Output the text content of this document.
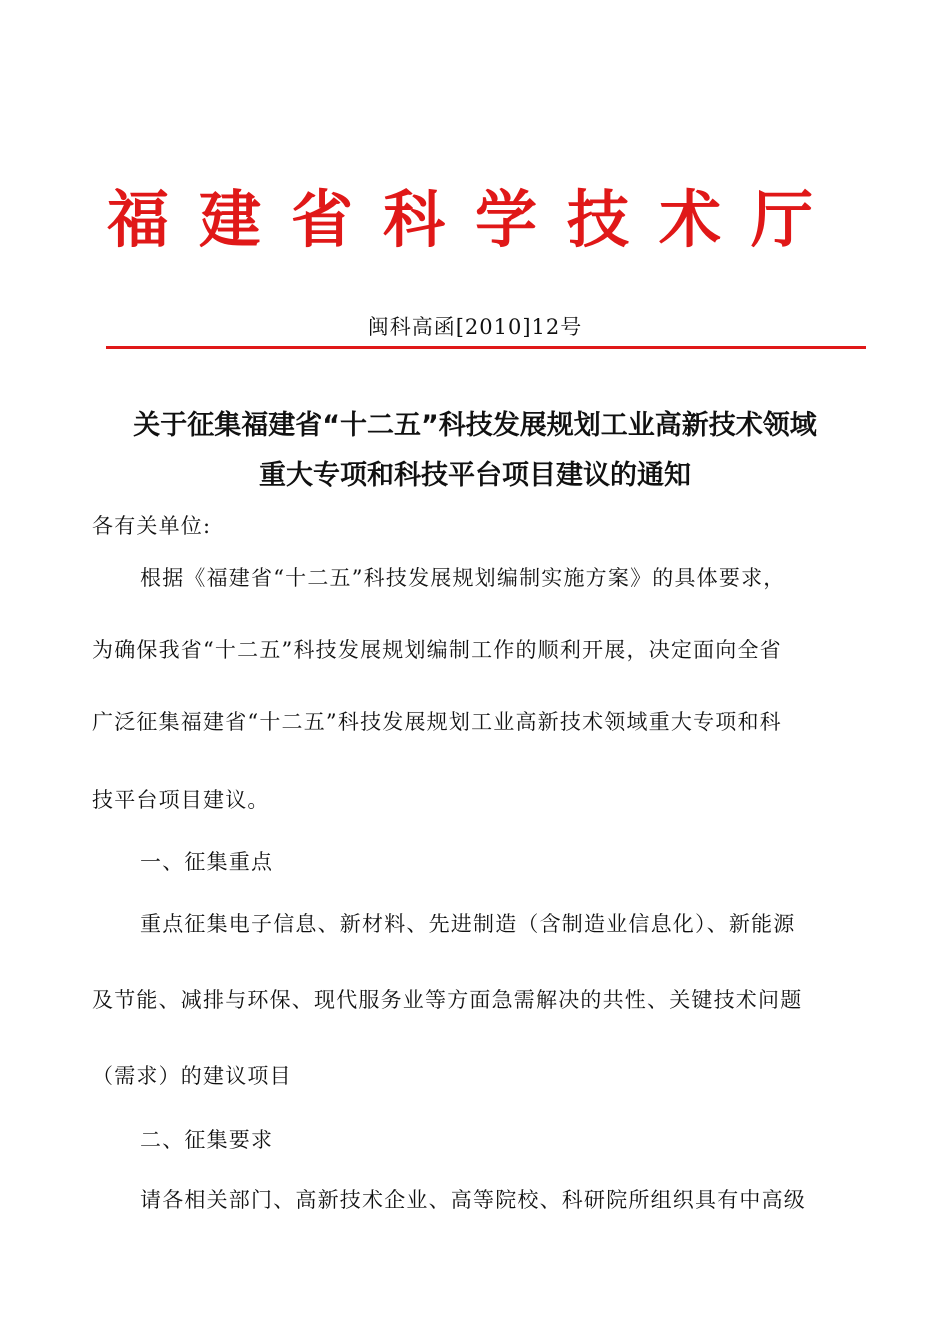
福建省科学技术厅
闽科高函[2010]12号
关于征集福建省“十二五”科技发展规划工业高新技术领域
重大专项和科技平台项目建议的通知
各有关单位:
根据《福建省“十二五”科技发展规划编制实施方案》的具体要求，
为确保我省“十二五”科技发展规划编制工作的顺利开展，决定面向全省
广泛征集福建省“十二五”科技发展规划工业高新技术领域重大专项和科
技平台项目建议。
一、征集重点
重点征集电子信息、新材料、先进制造（含制造业信息化）、新能源
及节能、减排与环保、现代服务业等方面急需解决的共性、关键技术问题
（需求）的建议项目
二、征集要求
请各相关部门、高新技术企业、高等院校、科研院所组织具有中高级
